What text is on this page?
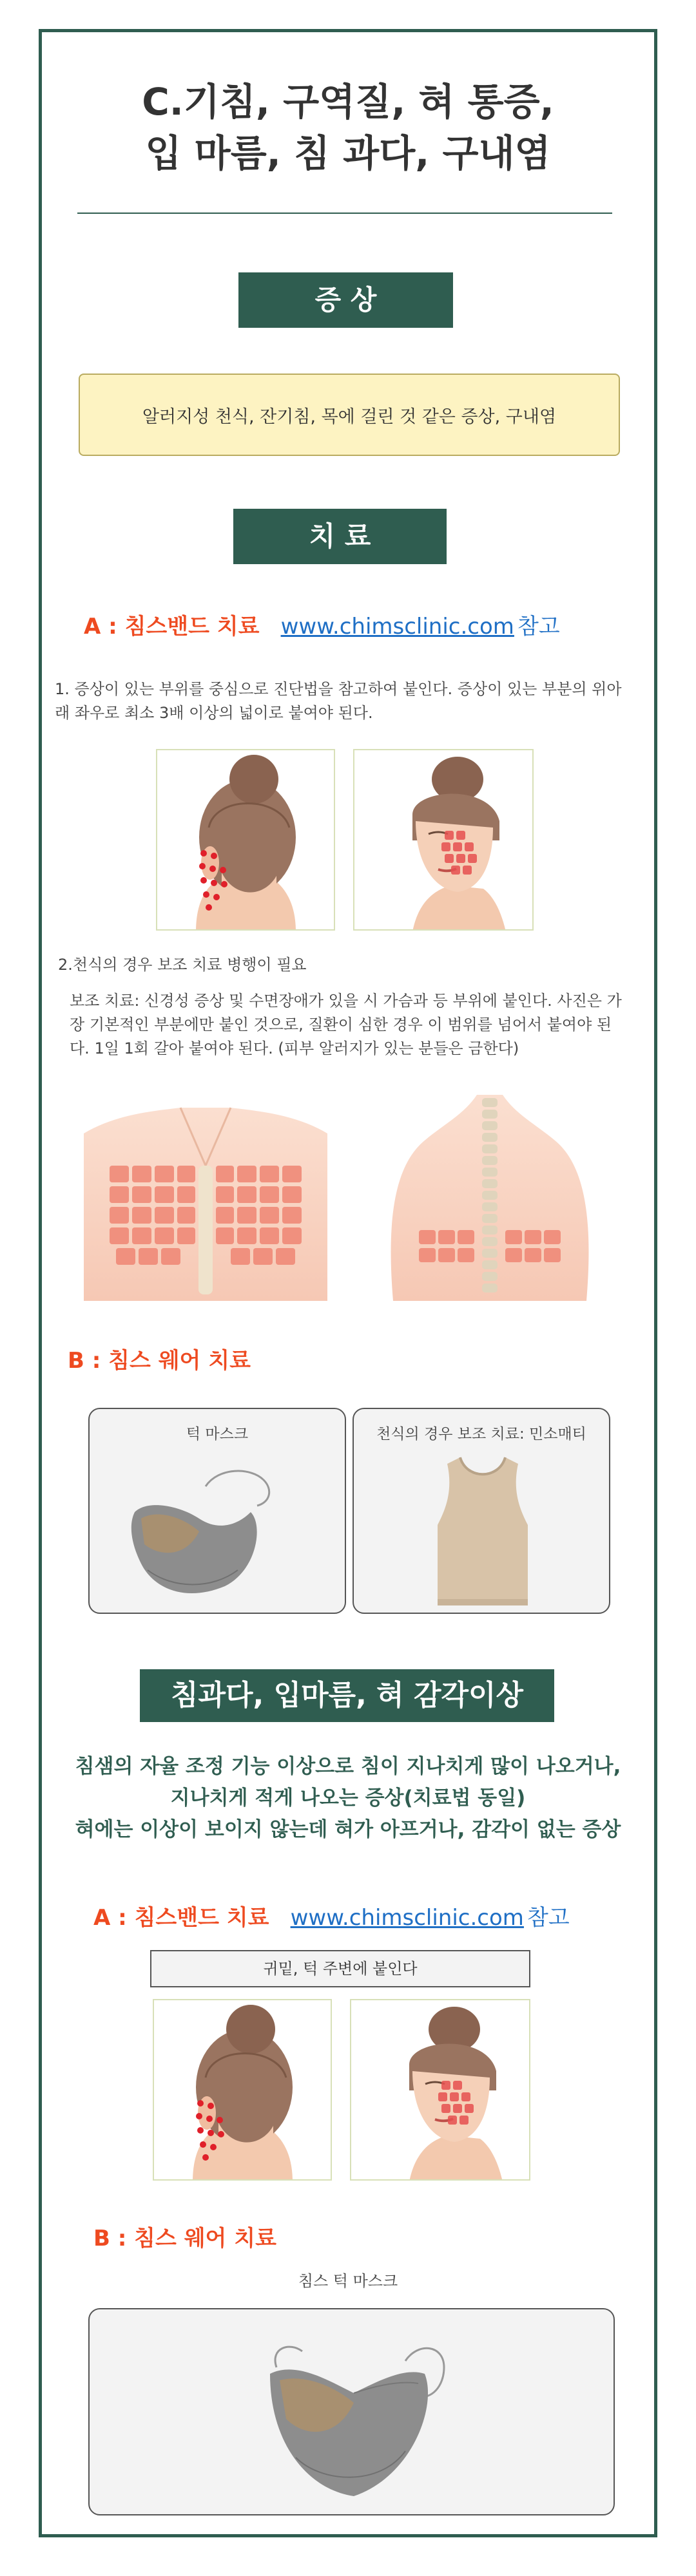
C.기침, 구역질, 혀 통증,
입 마름, 침 과다, 구내염
증 상
알러지성 천식, 잔기침, 목에 걸린 것 같은 증상, 구내염
치 료
A : 침스밴드 치료 www.chimsclinic.com 참고
1. 증상이 있는 부위를 중심으로 진단법을 참고하여 붙인다. 증상이 있는 부분의 위아래 좌우로 최소 3배 이상의 넓이로 붙여야 된다.
2.천식의 경우 보조 치료 병행이 필요
보조 치료: 신경성 증상 및 수면장애가 있을 시 가슴과 등 부위에 붙인다. 사진은 가장 기본적인 부분에만 붙인 것으로, 질환이 심한 경우 이 범위를 넘어서 붙여야 된다. 1일 1회 갈아 붙여야 된다. (피부 알러지가 있는 분들은 금한다)
B : 침스 웨어 치료
턱 마스크	천식의 경우 보조 치료: 민소매티
침과다, 입마름, 혀 감각이상
침샘의 자율 조정 기능 이상으로 침이 지나치게 많이 나오거나,
지나치게 적게 나오는 증상(치료법 동일)
혀에는 이상이 보이지 않는데 혀가 아프거나, 감각이 없는 증상
A : 침스밴드 치료 www.chimsclinic.com 참고
귀밑, 턱 주변에 붙인다
B : 침스 웨어 치료
침스 턱 마스크
